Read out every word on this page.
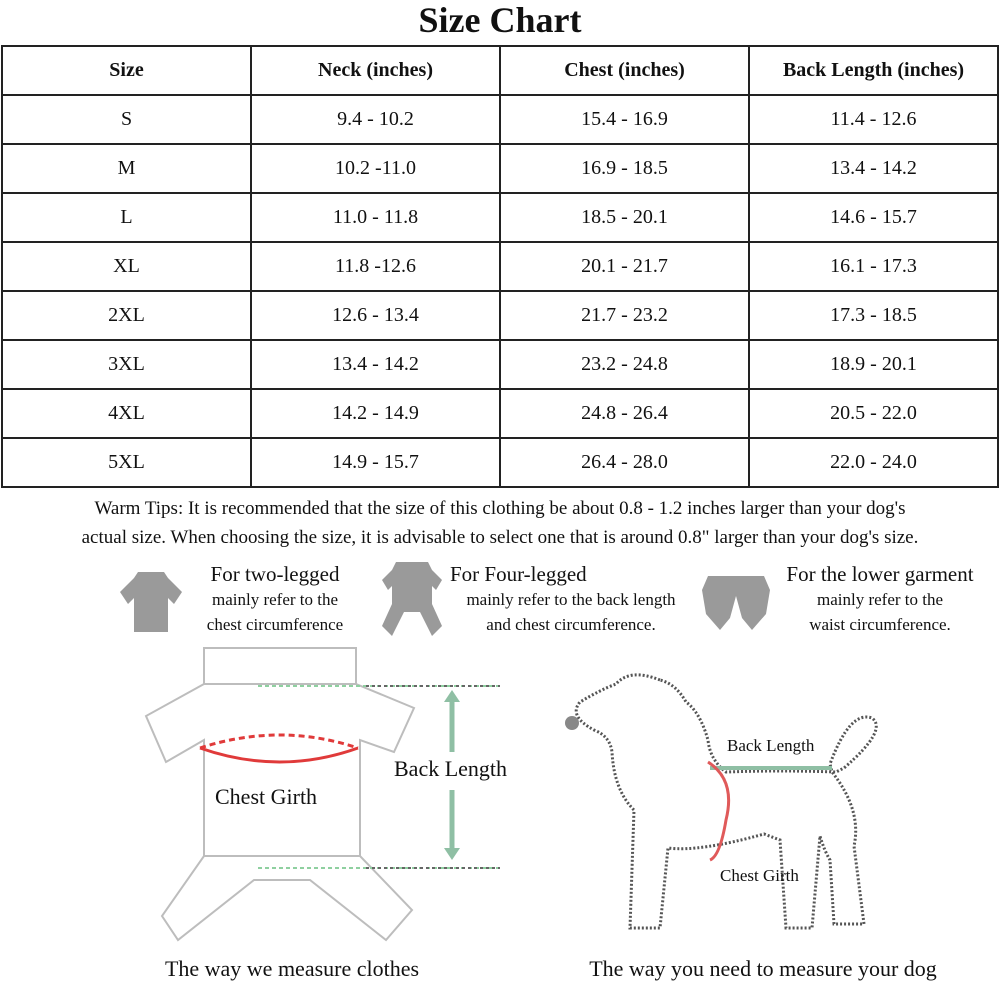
Size Chart
Size	Neck (inches)	Chest (inches)	Back Length (inches)
S	9.4 - 10.2	15.4 - 16.9	11.4 - 12.6
M	10.2 -11.0	16.9 - 18.5	13.4 - 14.2
L	11.0 - 11.8	18.5 - 20.1	14.6 - 15.7
XL	11.8 -12.6	20.1 - 21.7	16.1 - 17.3
2XL	12.6 - 13.4	21.7 - 23.2	17.3 - 18.5
3XL	13.4 - 14.2	23.2 - 24.8	18.9 - 20.1
4XL	14.2 - 14.9	24.8 - 26.4	20.5 - 22.0
5XL	14.9 - 15.7	26.4 - 28.0	22.0 - 24.0
Warm Tips: It is recommended that the size of this clothing be about 0.8 - 1.2 inches larger than your dog's
actual size. When choosing the size, it is advisable to select one that is around 0.8" larger than your dog's size.
For two-legged
mainly refer to the
chest circumference
For Four-legged
mainly refer to the back length
and chest circumference.
For the lower garment
mainly refer to the
waist circumference.
Chest Girth
Back Length
Back Length
Chest Girth
The way we measure clothes	The way you need to measure your dog
